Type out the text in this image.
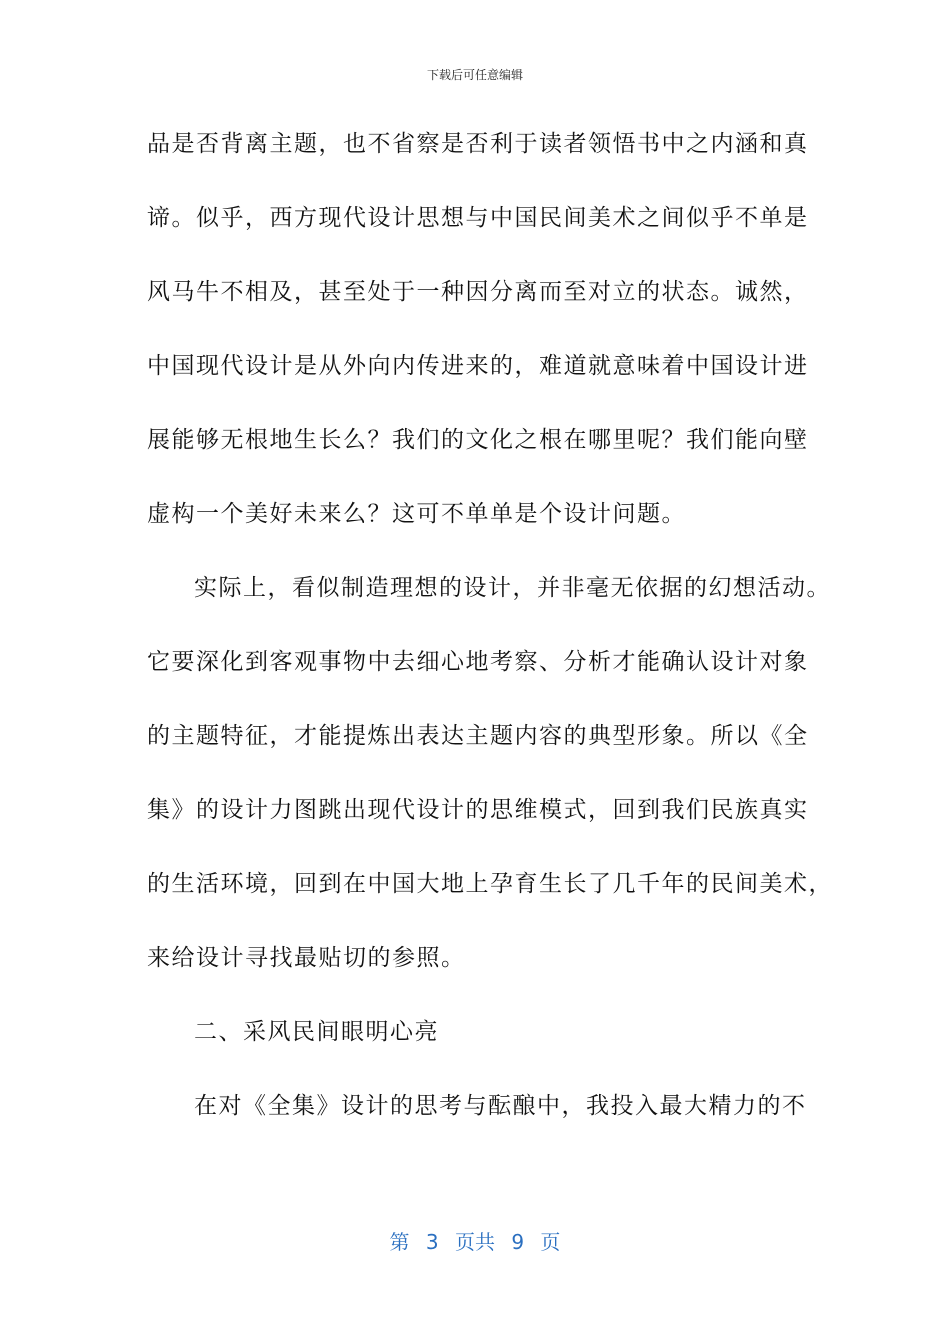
下载后可任意编辑
品是否背离主题，也不省察是否利于读者领悟书中之内涵和真
谛。似乎，西方现代设计思想与中国民间美术之间似乎不单是
风马牛不相及，甚至处于一种因分离而至对立的状态。诚然，
中国现代设计是从外向内传进来的，难道就意味着中国设计进
展能够无根地生长么？我们的文化之根在哪里呢？我们能向壁
虚构一个美好未来么？这可不单单是个设计问题。
实际上，看似制造理想的设计，并非毫无依据的幻想活动。
它要深化到客观事物中去细心地考察、分析才能确认设计对象
的主题特征，才能提炼出表达主题内容的典型形象。所以《全
集》的设计力图跳出现代设计的思维模式，回到我们民族真实
的生活环境，回到在中国大地上孕育生长了几千年的民间美术，
来给设计寻找最贴切的参照。
二、采风民间眼明心亮
在对《全集》设计的思考与酝酿中，我投入最大精力的不
第 3 页共 9 页
